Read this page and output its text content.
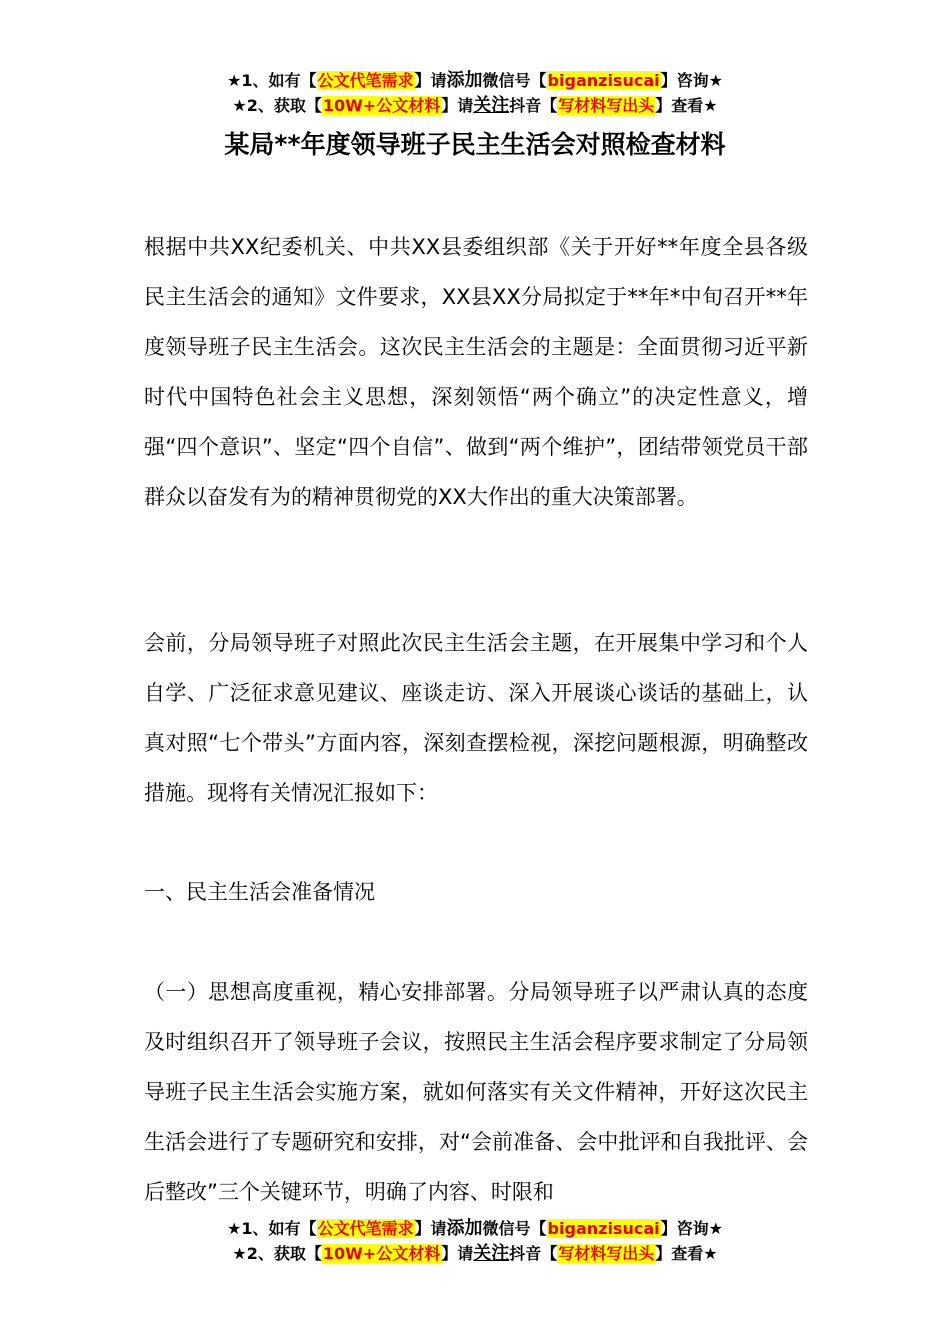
★1、如有【公文代笔需求】请添加微信号【biganzisucai】咨询★
★2、获取【10W+公文材料】请关注抖音【写材料写出头】查看★
某局**年度领导班子民主生活会对照检查材料

根据中共XX纪委机关、中共XX县委组织部《关于开好**年度全县各级民主生活会的通知》文件要求，XX县XX分局拟定于**年*中旬召开**年度领导班子民主生活会。这次民主生活会的主题是：全面贯彻习近平新时代中国特色社会主义思想，深刻领悟“两个确立”的决定性意义，增强“四个意识”、坚定“四个自信”、做到“两个维护”，团结带领党员干部群众以奋发有为的精神贯彻党的XX大作出的重大决策部署。

会前，分局领导班子对照此次民主生活会主题，在开展集中学习和个人自学、广泛征求意见建议、座谈走访、深入开展谈心谈话的基础上，认真对照“七个带头”方面内容，深刻查摆检视，深挖问题根源，明确整改措施。现将有关情况汇报如下：

一、民主生活会准备情况

（一）思想高度重视，精心安排部署。分局领导班子以严肃认真的态度及时组织召开了领导班子会议，按照民主生活会程序要求制定了分局领导班子民主生活会实施方案，就如何落实有关文件精神，开好这次民主生活会进行了专题研究和安排，对“会前准备、会中批评和自我批评、会后整改”三个关键环节，明确了内容、时限和

★1、如有【公文代笔需求】请添加微信号【biganzisucai】咨询★
★2、获取【10W+公文材料】请关注抖音【写材料写出头】查看★
